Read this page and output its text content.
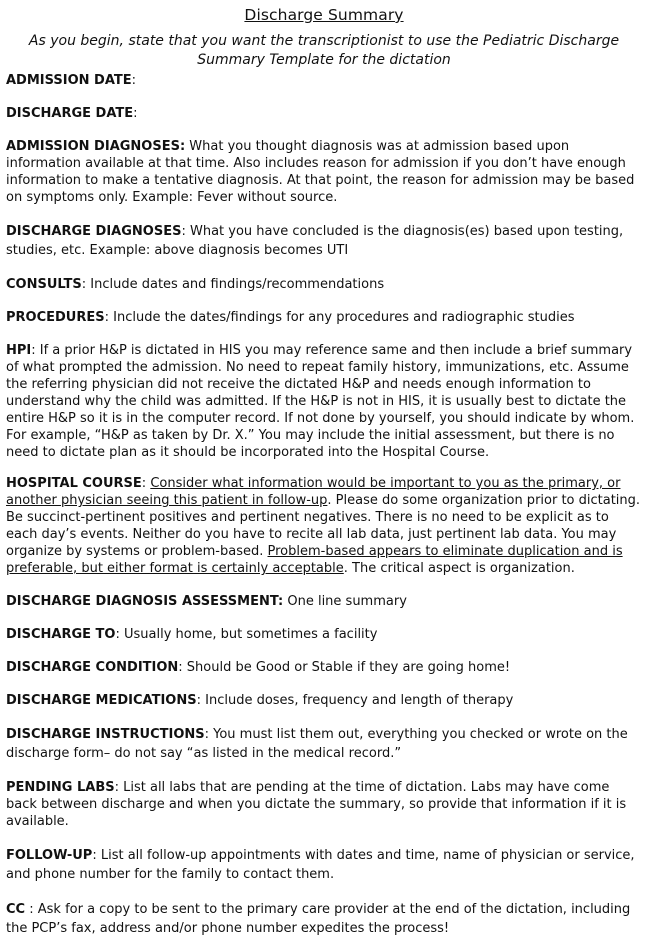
Discharge Summary
As you begin, state that you want the transcriptionist to use the Pediatric Discharge Summary Template for the dictation

ADMISSION DATE:

DISCHARGE DATE:

ADMISSION DIAGNOSES: What you thought diagnosis was at admission based upon information available at that time. Also includes reason for admission if you don’t have enough information to make a tentative diagnosis. At that point, the reason for admission may be based on symptoms only. Example: Fever without source.

DISCHARGE DIAGNOSES: What you have concluded is the diagnosis(es) based upon testing, studies, etc. Example: above diagnosis becomes UTI

CONSULTS: Include dates and findings/recommendations

PROCEDURES: Include the dates/findings for any procedures and radiographic studies

HPI: If a prior H&P is dictated in HIS you may reference same and then include a brief summary of what prompted the admission. No need to repeat family history, immunizations, etc. Assume the referring physician did not receive the dictated H&P and needs enough information to understand why the child was admitted. If the H&P is not in HIS, it is usually best to dictate the entire H&P so it is in the computer record. If not done by yourself, you should indicate by whom. For example, “H&P as taken by Dr. X.” You may include the initial assessment, but there is no need to dictate plan as it should be incorporated into the Hospital Course.

HOSPITAL COURSE: Consider what information would be important to you as the primary, or another physician seeing this patient in follow-up. Please do some organization prior to dictating. Be succinct-pertinent positives and pertinent negatives. There is no need to be explicit as to each day’s events. Neither do you have to recite all lab data, just pertinent lab data. You may organize by systems or problem-based. Problem-based appears to eliminate duplication and is preferable, but either format is certainly acceptable. The critical aspect is organization.

DISCHARGE DIAGNOSIS ASSESSMENT: One line summary

DISCHARGE TO: Usually home, but sometimes a facility

DISCHARGE CONDITION: Should be Good or Stable if they are going home!

DISCHARGE MEDICATIONS: Include doses, frequency and length of therapy

DISCHARGE INSTRUCTIONS: You must list them out, everything you checked or wrote on the discharge form– do not say “as listed in the medical record.”

PENDING LABS: List all labs that are pending at the time of dictation. Labs may have come back between discharge and when you dictate the summary, so provide that information if it is available.

FOLLOW-UP: List all follow-up appointments with dates and time, name of physician or service, and phone number for the family to contact them.

CC : Ask for a copy to be sent to the primary care provider at the end of the dictation, including the PCP’s fax, address and/or phone number expedites the process!
